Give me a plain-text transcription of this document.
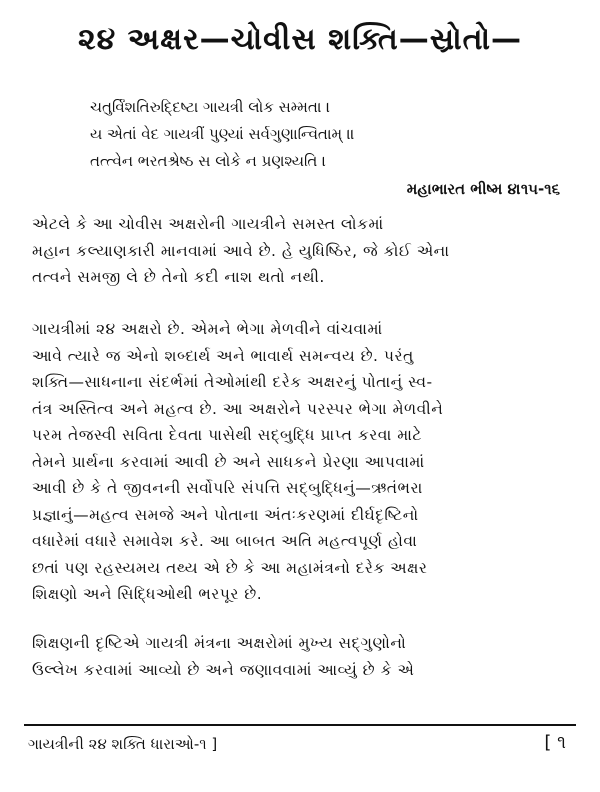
૨૪ અક્ષર—ચોવીસ શક્તિ—સ્રોતો—
ચતુર્વિંશતિરુદ્દિષ્ટા ગાયત્રી લોક સમ્મતા ।
ય એતાં વેદ ગાયત્રીં પુણ્યાં સર્વગુણાન્વિતામ્ ॥
તત્ત્વેન ભરતશ્રેષ્ઠ સ લોકે ન પ્રણશ્યતિ ।
મહાભારત ભીષ્મ ૪।૧૫-૧૬
એટલે કે આ ચોવીસ અક્ષરોની ગાયત્રીને સમસ્ત લોકમાં
મહાન કલ્યાણકારી માનવામાં આવે છે. હે યુધિષ્ઠિર, જે કોઈ એના
તત્વને સમજી લે છે તેનો કદી નાશ થતો નથી.
ગાયત્રીમાં ૨૪ અક્ષરો છે. એમને ભેગા મેળવીને વાંચવામાં
આવે ત્યારે જ એનો શબ્દાર્થ અને ભાવાર્થ સમન્વય છે. પરંતુ
શક્તિ—સાધનાના સંદર્ભમાં તેઓમાંથી દરેક અક્ષરનું પોતાનું સ્વ-
તંત્ર અસ્તિત્વ અને મહત્વ છે. આ અક્ષરોને પરસ્પર ભેગા મેળવીને
પરમ તેજસ્વી સવિતા દેવતા પાસેથી સદ્બુદ્ધિ પ્રાપ્ત કરવા માટે
તેમને પ્રાર્થના કરવામાં આવી છે અને સાધકને પ્રેરણા આપવામાં
આવી છે કે તે જીવનની સર્વોપરિ સંપત્તિ સદ્બુદ્ધિનું—ઋતંભરા
પ્રજ્ઞાનું—મહત્વ સમજે અને પોતાના અંતઃકરણમાં દીર્ઘદૃષ્ટિનો
વધારેમાં વધારે સમાવેશ કરે. આ બાબત અતિ મહત્વપૂર્ણ હોવા
છતાં પણ રહસ્યમય તથ્ય એ છે કે આ મહામંત્રનો દરેક અક્ષર
શિક્ષણો અને સિદ્ધિઓથી ભરપૂર છે.
શિક્ષણની દૃષ્ટિએ ગાયત્રી મંત્રના અક્ષરોમાં મુખ્ય સદ્ગુણોનો
ઉલ્લેખ કરવામાં આવ્યો છે અને જણાવવામાં આવ્યું છે કે એ
ગાયત્રીની ૨૪ શક્તિ ધારાઓ-૧ ]	[ ૧
